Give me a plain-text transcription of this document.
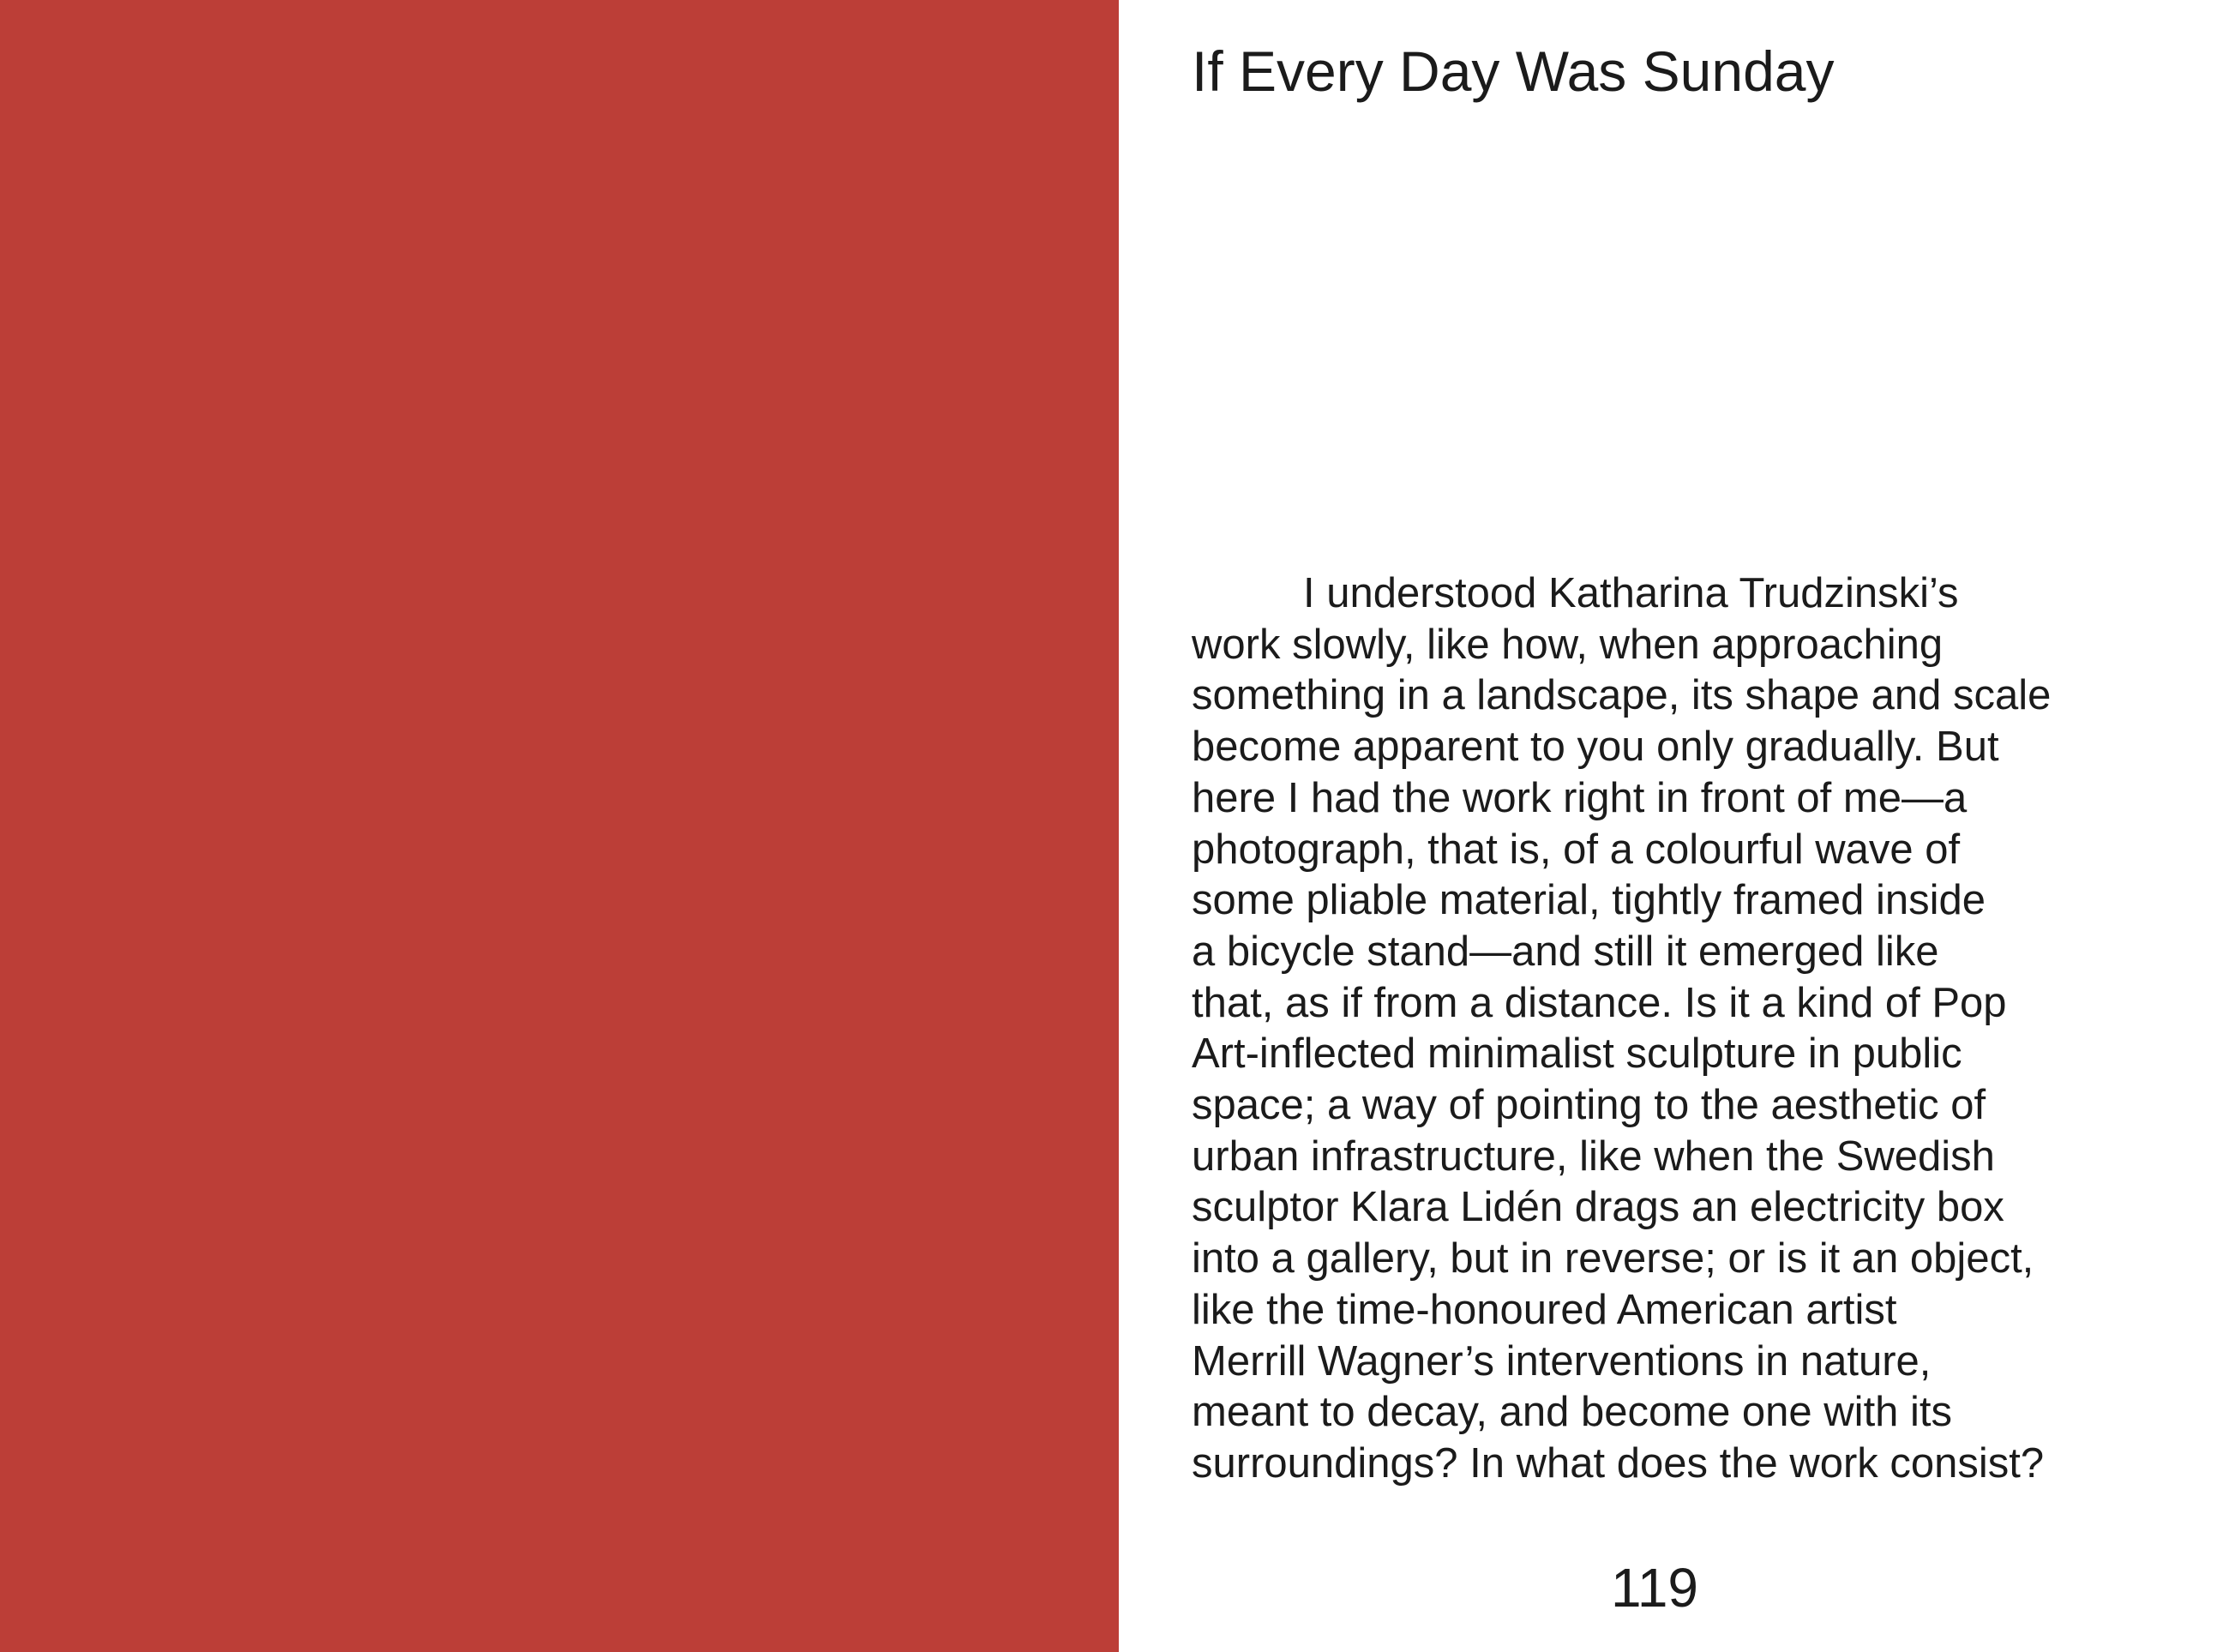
If Every Day Was Sunday

I understood Katharina Trudzinski’s
work slowly, like how, when approaching
something in a landscape, its shape and scale
become apparent to you only gradually. But
here I had the work right in front of me—a
photograph, that is, of a colourful wave of
some pliable material, tightly framed inside
a bicycle stand—and still it emerged like
that, as if from a distance. Is it a kind of Pop
Art-inflected minimalist sculpture in public
space; a way of pointing to the aesthetic of
urban infrastructure, like when the Swedish
sculptor Klara Lidén drags an electricity box
into a gallery, but in reverse; or is it an object,
like the time-honoured American artist
Merrill Wagner’s interventions in nature,
meant to decay, and become one with its
surroundings? In what does the work consist?

119
